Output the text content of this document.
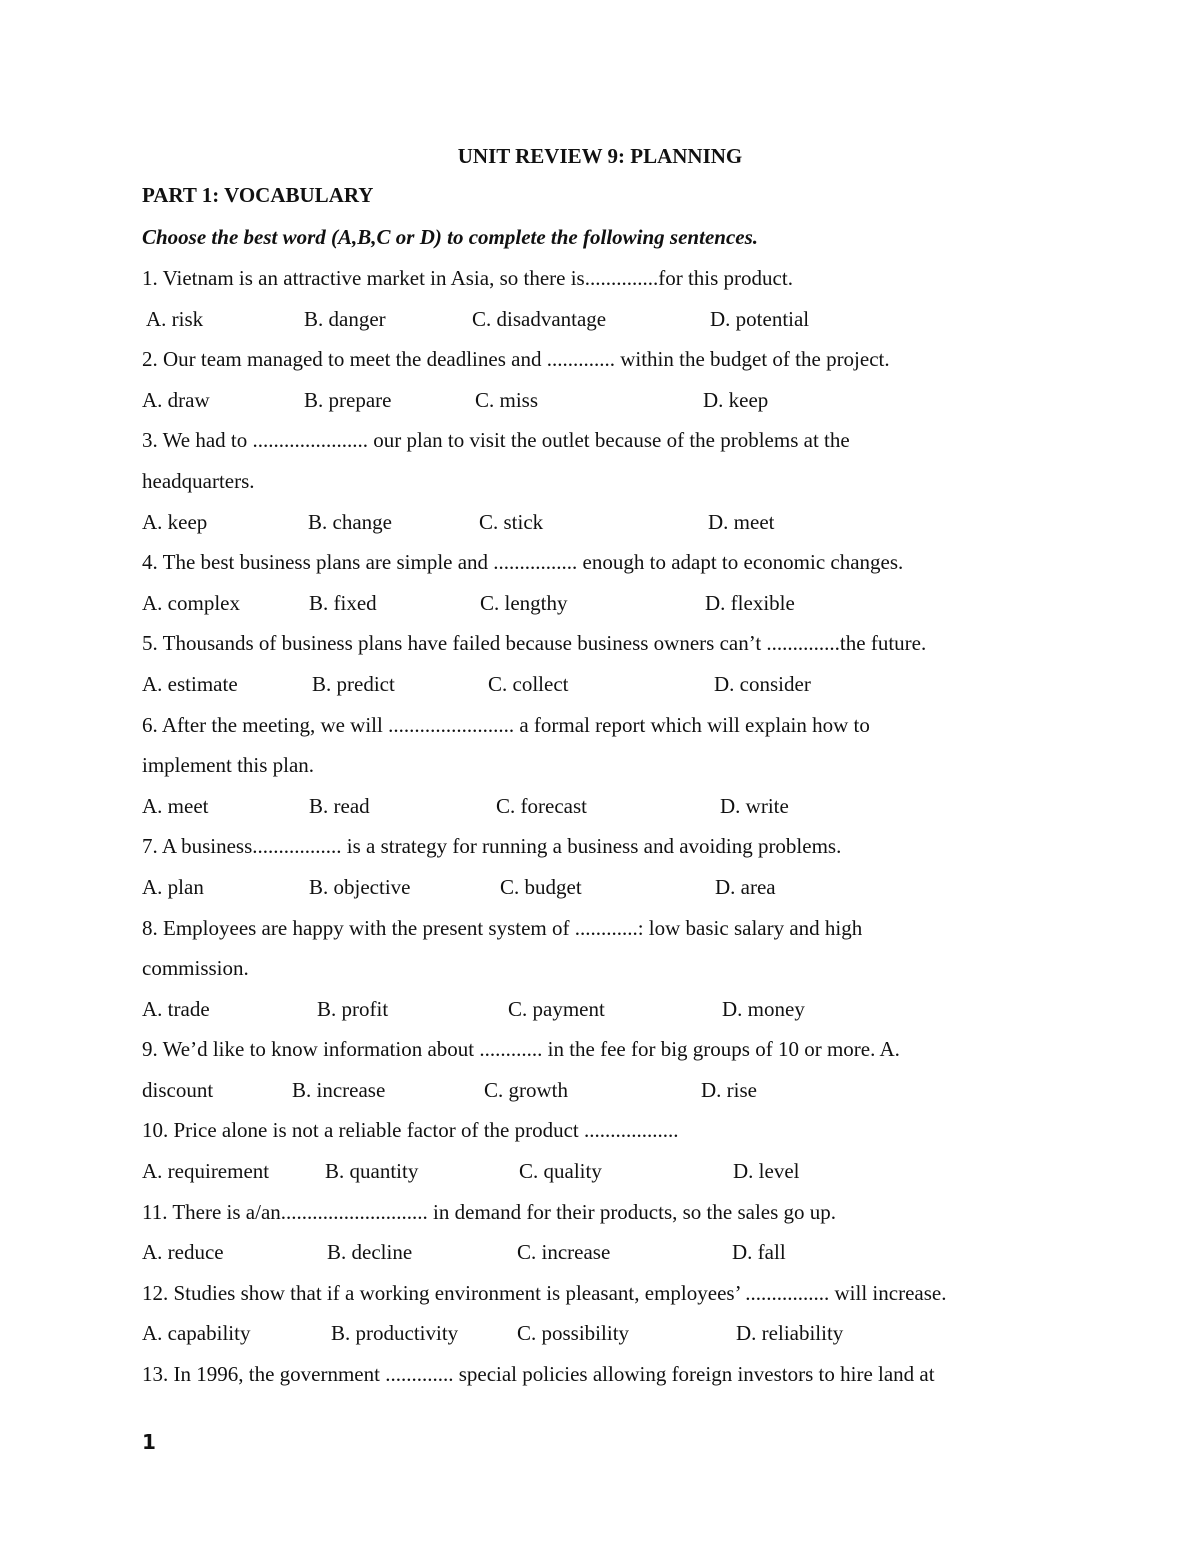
UNIT REVIEW 9: PLANNING
PART 1: VOCABULARY
Choose the best word (A,B,C or D) to complete the following sentences.
1. Vietnam is an attractive market in Asia, so there is..............for this product.
A. risk	B. danger	C. disadvantage	D. potential
2. Our team managed to meet the deadlines and ............. within the budget of the project.
A. draw	B. prepare	C. miss	D. keep
3. We had to ...................... our plan to visit the outlet because of the problems at the
headquarters.
A. keep	B. change	C. stick	D. meet
4. The best business plans are simple and ................ enough to adapt to economic changes.
A. complex	B. fixed	C. lengthy	D. flexible
5. Thousands of business plans have failed because business owners can’t ..............the future.
A. estimate	B. predict	C. collect	D. consider
6. After the meeting, we will ........................ a formal report which will explain how to
implement this plan.
A. meet	B. read	C. forecast	D. write
7. A business................. is a strategy for running a business and avoiding problems.
A. plan	B. objective	C. budget	D. area
8. Employees are happy with the present system of ............: low basic salary and high
commission.
A. trade	B. profit	C. payment	D. money
9. We’d like to know information about ............ in the fee for big groups of 10 or more. A.
discount	B. increase	C. growth	D. rise
10. Price alone is not a reliable factor of the product ..................
A. requirement	B. quantity	C. quality	D. level
11. There is a/an............................ in demand for their products, so the sales go up.
A. reduce	B. decline	C. increase	D. fall
12. Studies show that if a working environment is pleasant, employees’ ................ will increase.
A. capability	B. productivity	C. possibility	D. reliability
13. In 1996, the government ............. special policies allowing foreign investors to hire land at
1
